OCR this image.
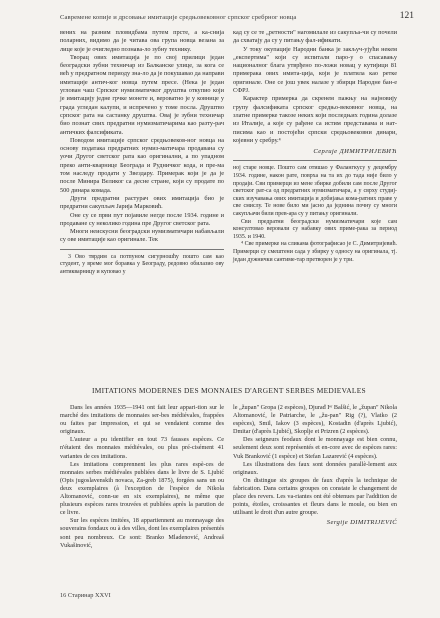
Савремене копије и дрсовање имитације средњовековног српског сребрног новца	121

вених на разним пловидбама путем прсте, а ка-снија поларних, видимо да је читава ова група новца везана за лице које је очигледно познава-ло зубну технику.

Творац ових имитација је по свој прилици један београдски зубни техничар из Балканске улице, за кога се већ у предратном периоду зна-ло да је покушавао да направи имитације антич-ког новца путем пресе. (Нека је један углован чаш Српског нумизматичког друштва откупио који је имитацију једне грчке монете и, вероватно је у ковнице у града угледан калупи, и испречено у томе посла. Друштво српског рата на састанку друштва. Овај је зубни техничар био познат свих предратни нумизматичарима као разту-рач античких фалсификата.

Поводом имитације српског средњовеков-ног новца на основу података предратних нумиз-матичара продавана су уочи Другог светског рата као оригинални, а по упадном преко анти-кварнице Београда и Рудничког кода, и пре-ма том наследу продати у Звездару. Примерак који је да је после Минира Великог са десне стране, који су продате по 500 динара комада.

Други предратни растурач ових имитација био је предратни сакупљач Јарија Марковић.

Оне су се први пут појавиле негде после 1934. године и продаване су неколико година пре Другог светског рата.

Многи неискусни београдски нумизматичари набављали су ове имитације као оригинале. Тек

3 Ово тврдим са потпуном сигурношћу пошто сам као студент, у време мог боравка у Београду, редовно обилазио ову антикварницу и куповао у

кад су се те „ретности" нагомилале из сакупља-чи су почели да схватају да су у питању фал-ификати.

У току окупације Народни банка је закључ-ујући некем „експертима" који су испитали паро-у о спасавању националног блага утврђено по-ложи новац у кутијици 81 примерака ових имита-ција, који је платила као ретке оригинале. Оне се још увек налазе у збирци Народне бан-е СФРЈ.

Карактер примерка да скренем пажњу на најновију групу фалсификата српског средњо-вековног новца, на златне примерке такозе неких који последњих година долазе из Италије, а које су рађене са истим представама и нат-писима као и постојећи српски средњовековни динари, којевни у сребру.⁴

Сергије ДИМИТРИЈЕВИЋ

ној старе новце. Пошто сам отишао у Фалангкусу у децембру 1934. године, након рате, поврха на та их до тада није било у продаји. Сви примерци из мене збирке добили сам после Другог светског рат-са од предратних нумизматичара, а у сврху студиј-ских изучавања ових имитација и добијања кома-ратних праве у свe смислу. Те нове било ми јасно да једнина почну су многи сакупљачи били прев-ара су у питању оригинали.

Сви предратни београдски нумизматичари које сам консултовао веровали су набавку ових приме-рака за период 1935. и 1940.

⁴ Све примерке на сликама фотографисао је С. Димитријевић. Примерци су смештени сада у збирку у односу на оригинала, тј. један дужнички сантиме-тар претворен је у три.

IMITATIONS MODERNES DES MONNAIES D'ARGENT SERBES MEDIEVALES

Dans les années 1935—1941 ont fait leur appari-tion sur le marché des imitations de monnaies ser-bes médiévales, frappées ou faites par impression, et qui se vendaient comme des originaux.

L'auteur a pu identifier en tout 73 fausses espèces. Ce n'étaient des monnaies médiévales, ou plus pré-cisément 41 variantes de ces imitations.

Les imitations comprennent les plus rares espè-ces de monnaies serbes médiévales publiées dans le livre de S. Ljubić (Opis jugoslavenskih novaca, Za-greb 1875), forgées sans un ou deux exemplaires (à l'exception de l'espèce de Nikola Altomanović, conn-ue en six exemplaires), ne même que plusieurs espèces rares trouvées et publiées après la parution de ce livre.

Sur les espèces imitées, 18 appartiennent au monnayage des souverains fondaux ou à des villes, dont les exemplaires présentés sont peu nombreux. Ce sont: Branko Mladenović, Andreaš Vukašinović,

le „župan" Gropa (2 espèces), Djurađ Iᵉʳ Balšić, le „župan" Nikola Altomanović, le Patriarche, le „žu-pan" Rig (?), Vlatko (2 espèces), Smil, Iakov (3 espèces), Kostadin (d'après Ljubić), Dmitar (d'après Ljubić), Skoplje et Prizren (2 espèces).

Des seigneurs feodaux dont le monnayage est bien connu, seulement deux sont représentés et en-core avec de espèces rares: Vuk Branković (1 espèce) et Stefan Lazarević (4 espèces).

Les illustrations des faux sont données parallè-lement aux originaux.

On distingue six groupes de faux d'après la technique de fabrication. Dans certains groupes on constate le changement de place des revers. Les va-riantes ont été obtenues par l'addition de points, étoiles, croissantes et fleurs dans le moule, ou bien en utilisant le droit d'un autre groupe.

Sergije DIMITRIJEVIĆ
16 Старинар XXVI
